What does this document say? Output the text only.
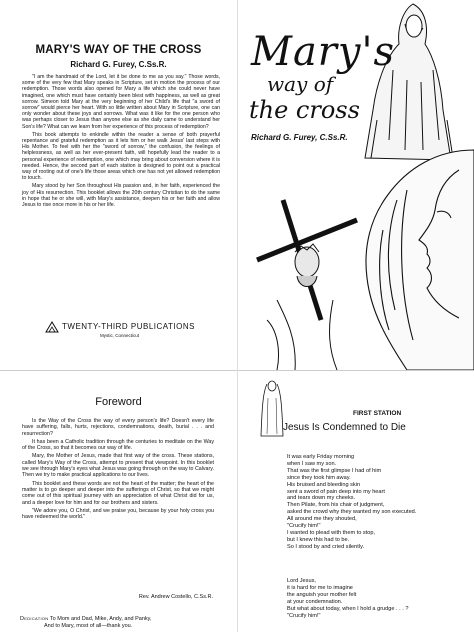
MARY'S WAY OF THE CROSS
Richard G. Furey, C.Ss.R.

"I am the handmaid of the Lord, let it be done to me as you say." Those words, some of the very few that Mary speaks in Scripture, set in motion the process of our redemption. Those words also opened for Mary a life which she could never have imagined, one which must have certainly been blest with happiness, as well as great sorrow. Simeon told Mary at the very beginning of her Child's life that "a sword of sorrow" would pierce her heart. With so little written about Mary in Scripture, one can only wonder about these joys and sorrows. What was it like for the one person who was perhaps closer to Jesus than anyone else as she daily came to understand her Son's life? What can we learn from her experience of this process of redemption?

This book attempts to enkindle within the reader a sense of both prayerful repentance and grateful redemption as it lets him or her walk Jesus' last steps with His Mother. To feel with her the "sword of sorrow," the confusion, the feelings of helplessness, as well as her ever-present faith, will hopefully lead the reader to a personal experience of redemption, one which may bring about conversion where it is needed. Hence, the second part of each station is designed to point out a practical way of rooting out of one's life those areas which one has not yet allowed redemption to touch.

Mary stood by her Son throughout His passion and, in her faith, experienced the joy of His resurrection. This booklet allows the 20th century Christian to do the same in hope that he or she will, with Mary's assistance, deepen his or her faith and allow Jesus to rise once more in his or her life.

TWENTY-THIRD PUBLICATIONS
Mystic, Connecticut
Mary's
way of
the cross
Richard G. Furey, C.Ss.R.
Foreword

Is the Way of the Cross the way of every person's life? Doesn't every life have suffering, falls, hurts, rejections, condemnations, death, burial . . . and resurrection?

It has been a Catholic tradition through the centuries to meditate on the Way of the Cross, so that it becomes our way of life.

Mary, the Mother of Jesus, made that first way of the cross. These stations, called Mary's Way of the Cross, attempt to present that viewpoint. In this booklet we see through Mary's eyes what Jesus was going through on the way to Calvary. Then we try to make practical applications to our lives.

This booklet and these words are not the heart of the matter; the heart of the matter is to go deeper and deeper into the sufferings of Christ, so that we might come out of this spiritual journey with an appreciation of what Christ did for us, and a deeper love for him and for our brothers and sisters.

"We adore you, O Christ, and we praise you, because by your holy cross you have redeemed the world."

Rev. Andrew Costello, C.Ss.R.
Dedication To Mom and Dad, Mike, Andy, and Panky,
And to Mary, most of all—thank you.
FIRST STATION
Jesus Is Condemned to Die
It was early Friday morning
when I saw my son.
That was the first glimpse I had of him
since they took him away.
His bruised and bleeding skin
sent a sword of pain deep into my heart
and tears down my cheeks.
Then Pilate, from his chair of judgment,
asked the crowd why they wanted my son executed.
All around me they shouted,
"Crucify him!"
I wanted to plead with them to stop,
but I knew this had to be.
So I stood by and cried silently.
Lord Jesus,
it is hard for me to imagine
the anguish your mother felt
at your condemnation.
But what about today, when I hold a grudge . . . ?
"Crucify him!"
